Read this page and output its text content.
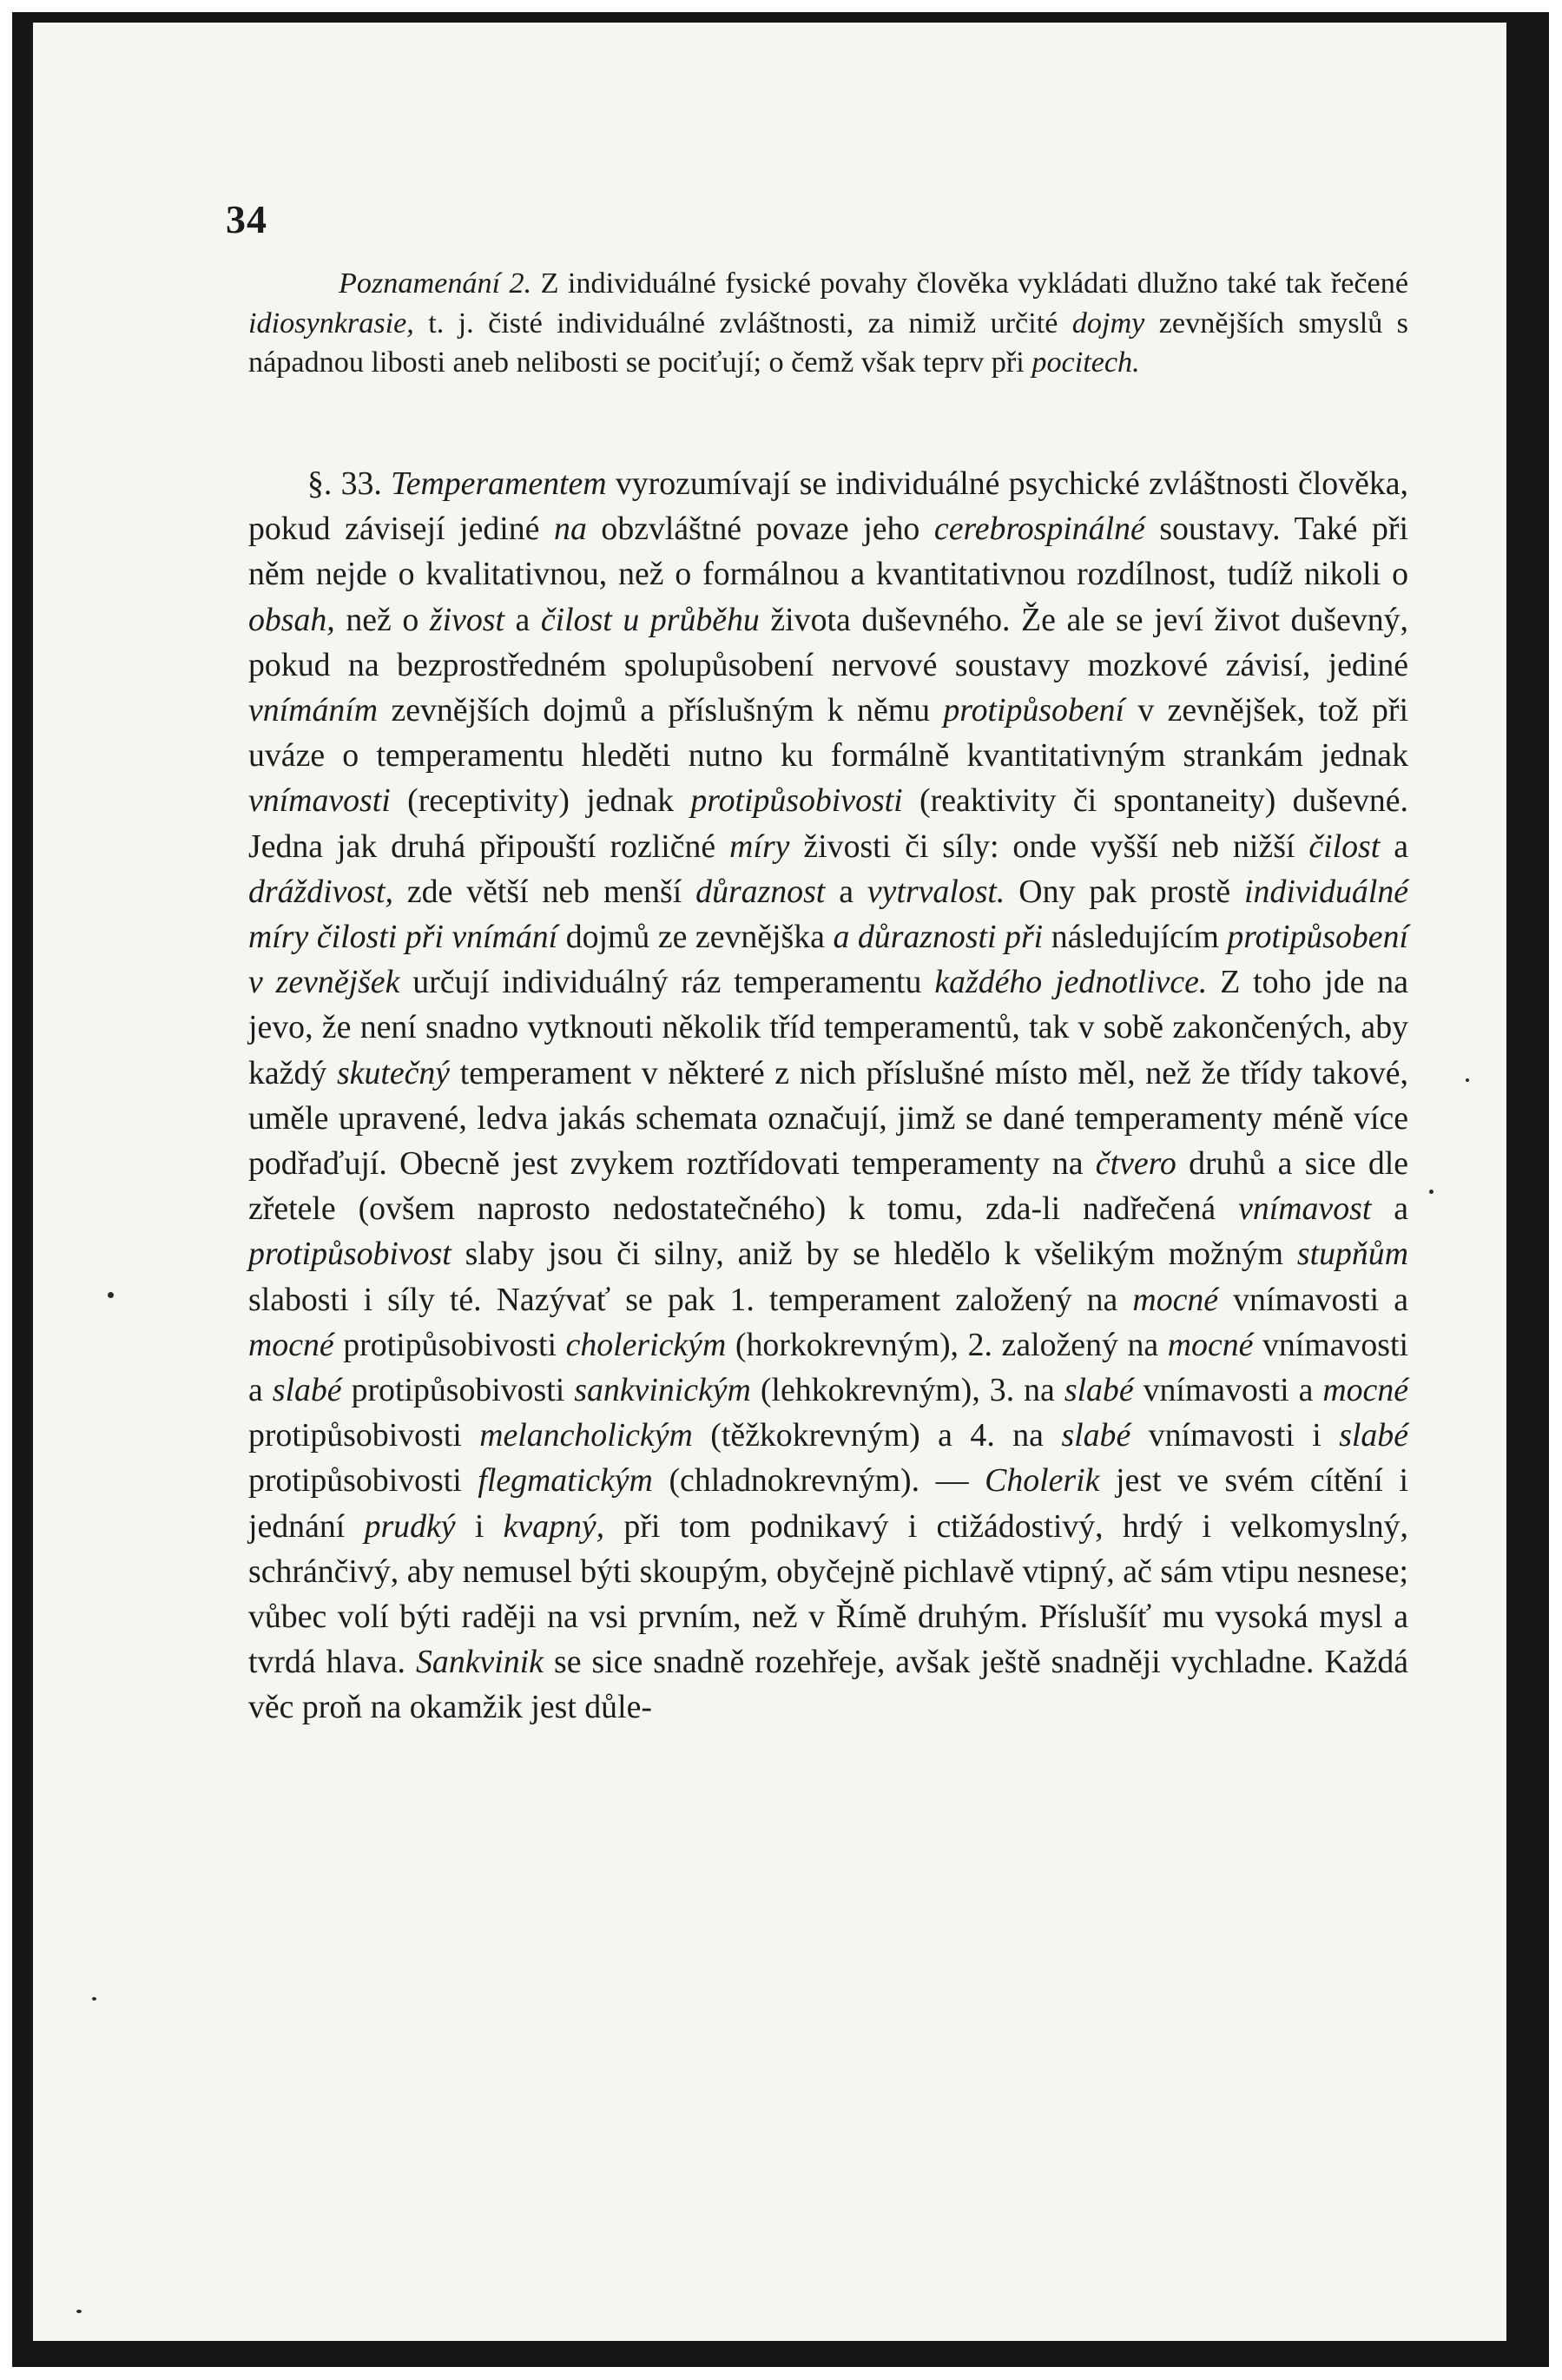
34

Poznamenání 2. Z individuálné fysické povahy člověka vykládati dlužno také tak řečené idiosynkrasie, t. j. čisté individuálné zvláštnosti, za nimiž určité dojmy zevnějších smyslů s nápadnou libosti aneb nelibosti se pociťují; o čemž však teprv při pocitech.

§. 33. Temperamentem vyrozumívají se individuálné psychické zvláštnosti člověka, pokud závisejí jediné na obzvláštné povaze jeho cerebrospinálné soustavy. Také při něm nejde o kvalitativnou, než o formálnou a kvantitativnou rozdílnost, tudíž nikoli o obsah, než o živost a čilost u průběhu života duševného. Že ale se jeví život duševný, pokud na bezprostředném spolupůsobení nervové soustavy mozkové závisí, jediné vnímáním zevnějších dojmů a příslušným k němu protipůsobení v zevnějšek, tož při uváze o temperamentu hleděti nutno ku formálně kvantitativným strankám jednak vnímavosti (receptivity) jednak protipůsobivosti (reaktivity či spontaneity) duševné. Jedna jak druhá připouští rozličné míry živosti či síly: onde vyšší neb nižší čilost a dráždivost, zde větší neb menší důraznost a vytrvalost. Ony pak prostě individuálné míry čilosti při vnímání dojmů ze zevnějška a důraznosti při následujícím protipůsobení v zevnějšek určují individuálný ráz temperamentu každého jednotlivce. Z toho jde na jevo, že není snadno vytknouti několik tříd temperamentů, tak v sobě zakončených, aby každý skutečný temperament v některé z nich příslušné místo měl, než že třídy takové, uměle upravené, ledva jakás schemata označují, jimž se dané temperamenty méně více podřaďují. Obecně jest zvykem roztřídovati temperamenty na čtvero druhů a sice dle zřetele (ovšem naprosto nedostatečného) k tomu, zda-li nadřečená vnímavost a protipůsobivost slaby jsou či silny, aniž by se hledělo k všelikým možným stupňům slabosti i síly té. Nazývať se pak 1. temperament založený na mocné vnímavosti a mocné protipůsobivosti cholerickým (horkokrevným), 2. založený na mocné vnímavosti a slabé protipůsobivosti sankvinickým (lehkokrevným), 3. na slabé vnímavosti a mocné protipůsobivosti melancholickým (těžkokrevným) a 4. na slabé vnímavosti i slabé protipůsobivosti flegmatickým (chladnokrevným). — Cholerik jest ve svém cítění i jednání prudký i kvapný, při tom podnikavý i ctižádostivý, hrdý i velkomyslný, schránčivý, aby nemusel býti skoupým, obyčejně pichlavě vtipný, ač sám vtipu nesnese; vůbec volí býti raději na vsi prvním, než v Římě druhým. Příslušíť mu vysoká mysl a tvrdá hlava. Sankvinik se sice snadně rozehřeje, avšak ještě snadněji vychladne. Každá věc proň na okamžik jest důle-
